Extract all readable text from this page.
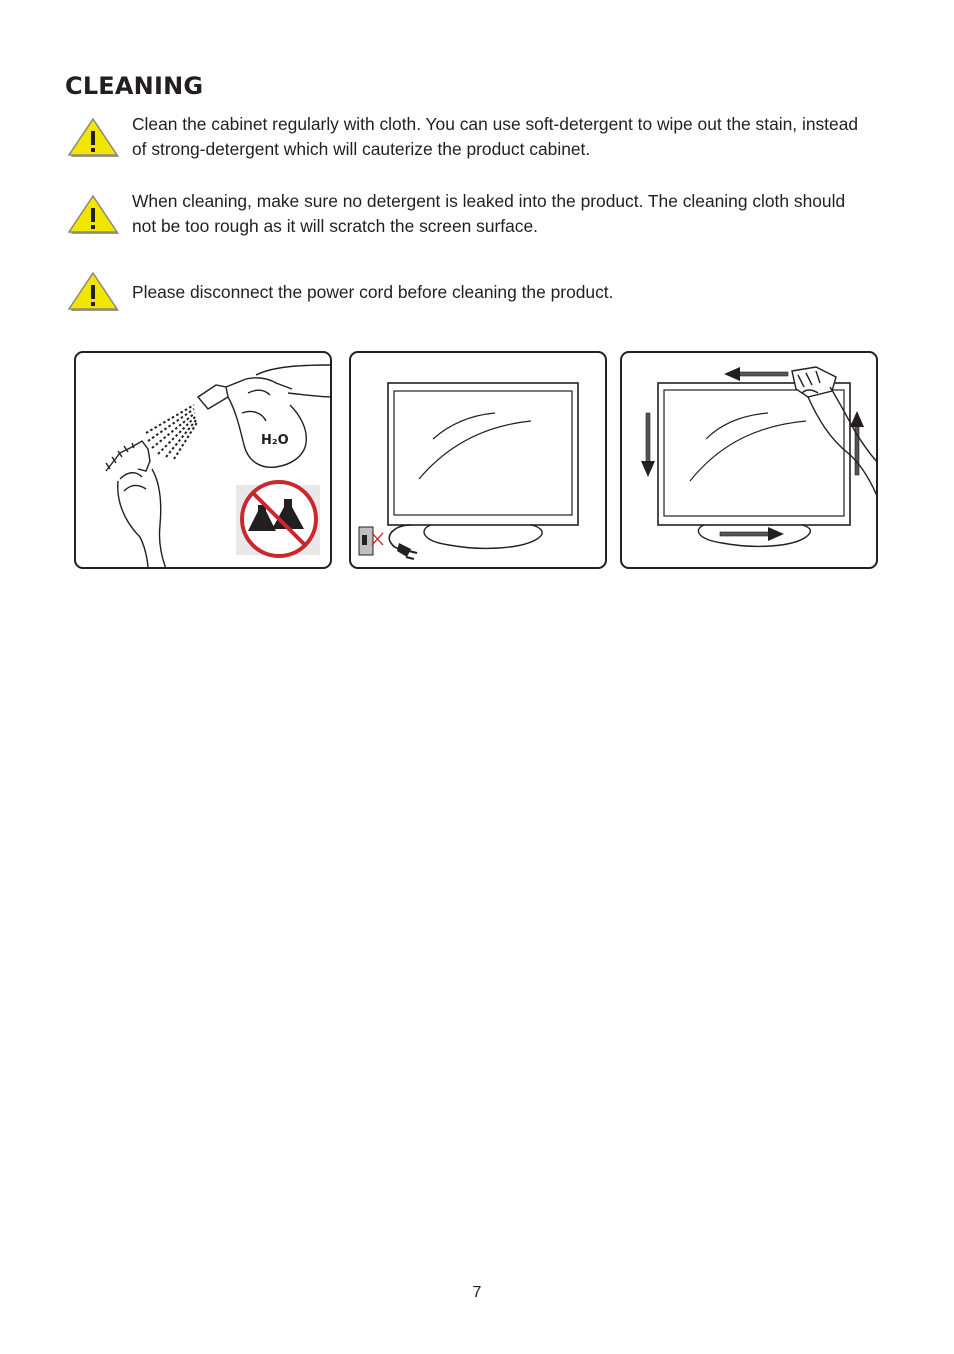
CLEANING
Clean the cabinet regularly with cloth. You can use soft-detergent to wipe out the stain, instead of strong-detergent which will cauterize the product cabinet.
When cleaning, make sure no detergent is leaked into the product. The cleaning cloth should not be too rough as it will scratch the screen surface.
Please disconnect the power cord before cleaning the product.
H₂O
7
